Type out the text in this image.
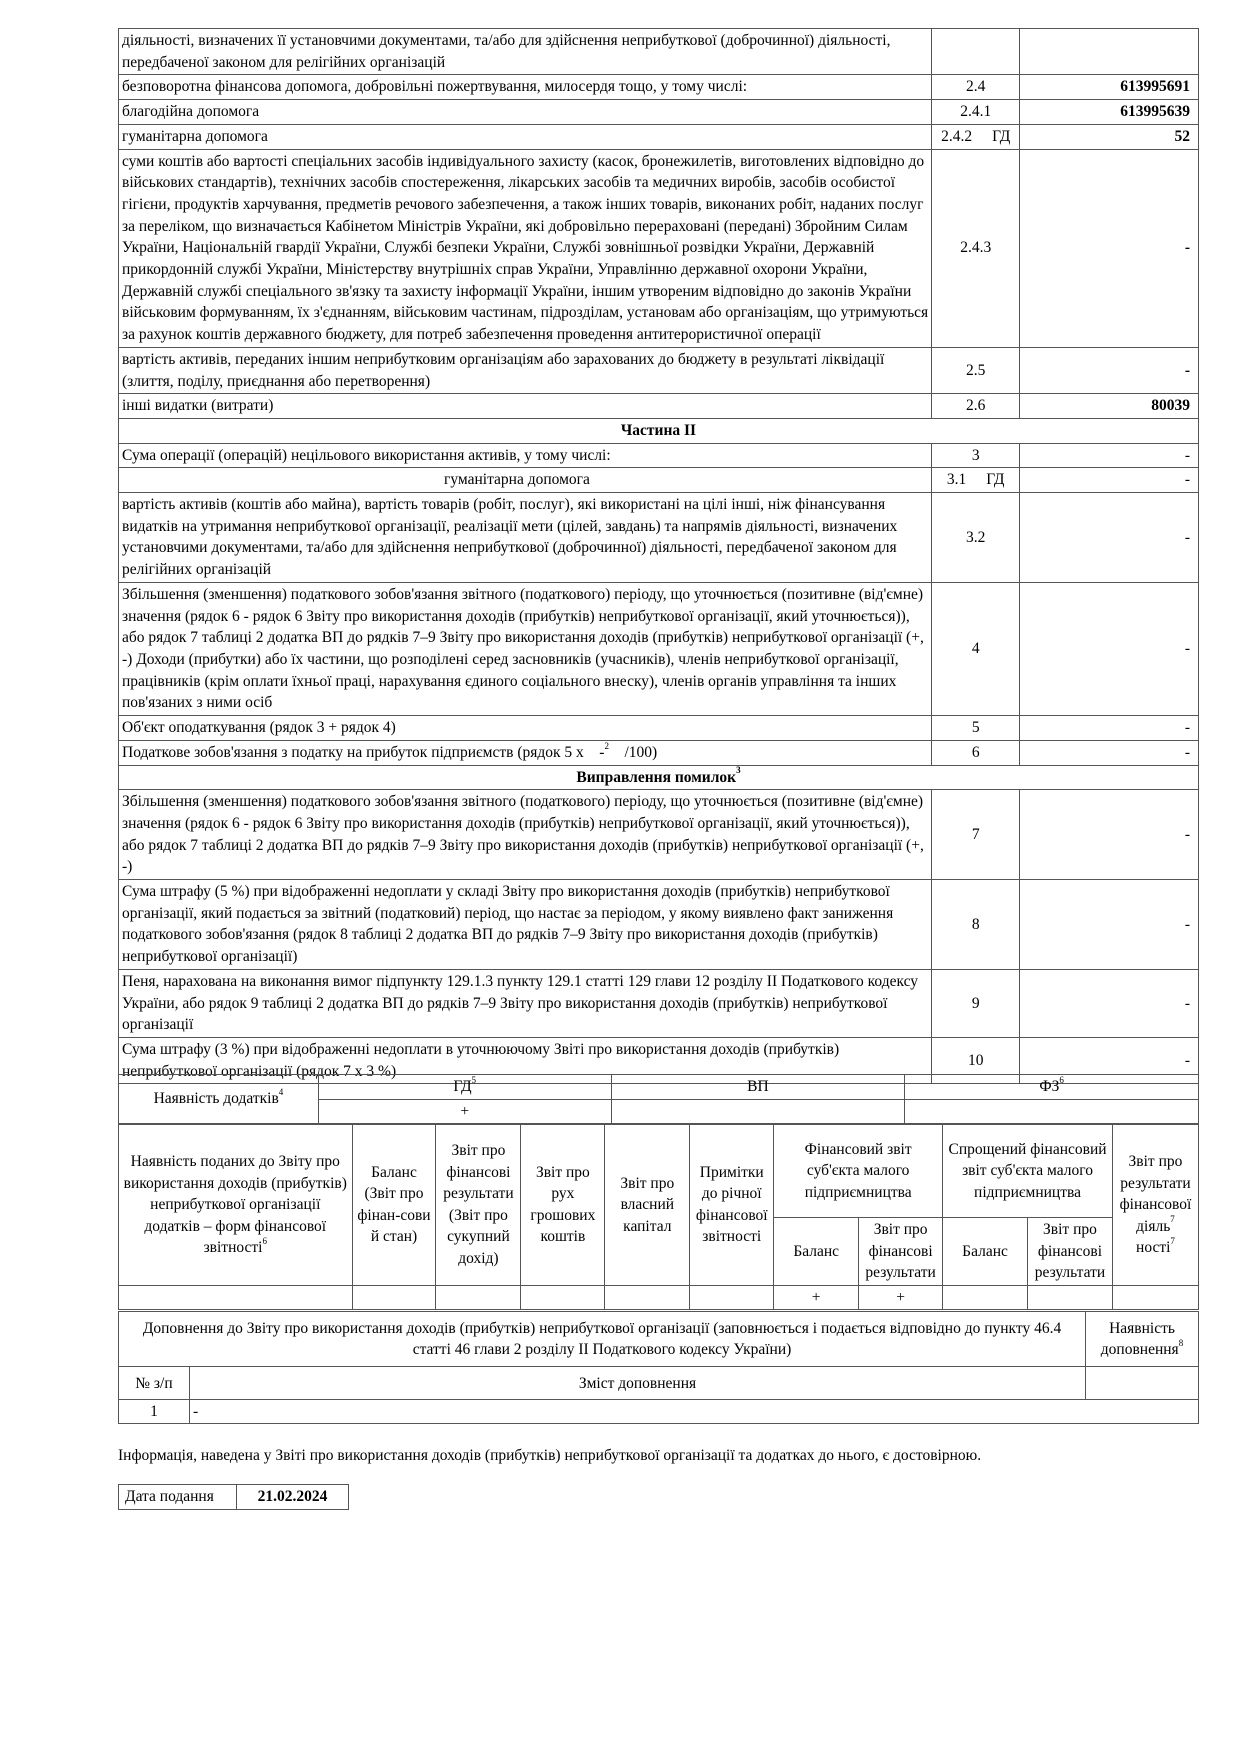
діяльності, визначених її установчими документами, та/або для здійснення неприбуткової (доброчинної) діяльності, передбаченої законом для релігійних організацій		
безповоротна фінансова допомога, добровільні пожертвування, милосердя тощо, у тому числі:	2.4	613995691
благодійна допомога	2.4.1	613995639
гуманітарна допомога	2.4.2 ГД	52
суми коштів або вартості спеціальних засобів індивідуального захисту (касок, бронежилетів, виготовлених відповідно до військових стандартів), технічних засобів спостереження, лікарських засобів та медичних виробів, засобів особистої гігієни, продуктів харчування, предметів речового забезпечення, а також інших товарів, виконаних робіт, наданих послуг за переліком, що визначається Кабінетом Міністрів України, які добровільно перераховані (передані) Збройним Силам України, Національній гвардії України, Службі безпеки України, Службі зовнішньої розвідки України, Державній прикордонній службі України, Міністерству внутрішніх справ України, Управлінню державної охорони України, Державній службі спеціального зв'язку та захисту інформації України, іншим утвореним відповідно до законів України військовим формуванням, їх з'єднанням, військовим частинам, підрозділам, установам або організаціям, що утримуються за рахунок коштів державного бюджету, для потреб забезпечення проведення антитерористичної операції	2.4.3	-
вартість активів, переданих іншим неприбутковим організаціям або зарахованих до бюджету в результаті ліквідації (злиття, поділу, приєднання або перетворення)	2.5	-
інші видатки (витрати)	2.6	80039
Частина II		
Сума операції (операцій) нецільового використання активів, у тому числі:	3	-
гуманітарна допомога	3.1 ГД	-
вартість активів (коштів або майна), вартість товарів (робіт, послуг), які використані на цілі інші, ніж фінансування видатків на утримання неприбуткової організації, реалізації мети (цілей, завдань) та напрямів діяльності, визначених установчими документами, та/або для здійснення неприбуткової (доброчинної) діяльності, передбаченої законом для релігійних організацій	3.2	-
Збільшення (зменшення) податкового зобов'язання звітного (податкового) періоду, що уточнюється (позитивне (від'ємне) значення (рядок 6 - рядок 6 Звіту про використання доходів (прибутків) неприбуткової організації, який уточнюється)), або рядок 7 таблиці 2 додатка ВП до рядків 7–9 Звіту про використання доходів (прибутків) неприбуткової організації (+, -) Доходи (прибутки) або їх частини, що розподілені серед засновників (учасників), членів неприбуткової організації, працівників (крім оплати їхньої праці, нарахування єдиного соціального внеску), членів органів управління та інших пов'язаних з ними осіб	4	-
Об'єкт оподаткування (рядок 3 + рядок 4)	5	-
Податкове зобов'язання з податку на прибуток підприємств (рядок 5 х -$^2$ /100)	6	-
Виправлення помилок$^3$
Збільшення (зменшення) податкового зобов'язання звітного (податкового) періоду, що уточнюється (позитивне (від'ємне) значення (рядок 6 - рядок 6 Звіту про використання доходів (прибутків) неприбуткової організації, який уточнюється)), або рядок 7 таблиці 2 додатка ВП до рядків 7–9 Звіту про використання доходів (прибутків) неприбуткової організації (+, -)	7	-
Сума штрафу (5 %) при відображенні недоплати у складі Звіту про використання доходів (прибутків) неприбуткової організації, який подається за звітний (податковий) період, що настає за періодом, у якому виявлено факт заниження податкового зобов'язання (рядок 8 таблиці 2 додатка ВП до рядків 7–9 Звіту про використання доходів (прибутків) неприбуткової організації)	8	-
Пеня, нарахована на виконання вимог підпункту 129.1.3 пункту 129.1 статті 129 глави 12 розділу II Податкового кодексу України, або рядок 9 таблиці 2 додатка ВП до рядків 7–9 Звіту про використання доходів (прибутків) неприбуткової організації	9	-
Сума штрафу (3 %) при відображенні недоплати в уточнюючому Звіті про використання доходів (прибутків) неприбуткової організації (рядок 7 х 3 %)	10	-
Наявність додатків$^4$	$ГД^5$	ВП	$ФЗ^6$
	+		
Наявність поданих до Звіту про використання доходів (прибутків) неприбуткової організації додатків – форм фінансової звітності$^6$	Баланс (Звіт про фінан-сови й стан)	Звіт про фінансові результати (Звіт про сукупний дохід)	Звіт про рух грошових коштів	Звіт про власний капітал	Примітки до річної фінансової звітності	Фінансовий звіт суб'єкта малого підприємництва		Спрощений фінансовий звіт суб'єкта малого підприємництва		Звіт про результати фінансової діяль$^7$ ності$^7$
						Баланс	Звіт про фінансові результати	Баланс	Звіт про фінансові результати	
						+	+			
Доповнення до Звіту про використання доходів (прибутків) неприбуткової організації (заповнюється і подається відповідно до пункту 46.4 статті 46 глави 2 розділу II Податкового кодексу України)		Наявність доповнення$^8$
№ з/п	Зміст доповнення	
1	-	
Інформація, наведена у Звіті про використання доходів (прибутків) неприбуткової організації та додатках до нього, є достовірною.
Дата подання	21.02.2024
